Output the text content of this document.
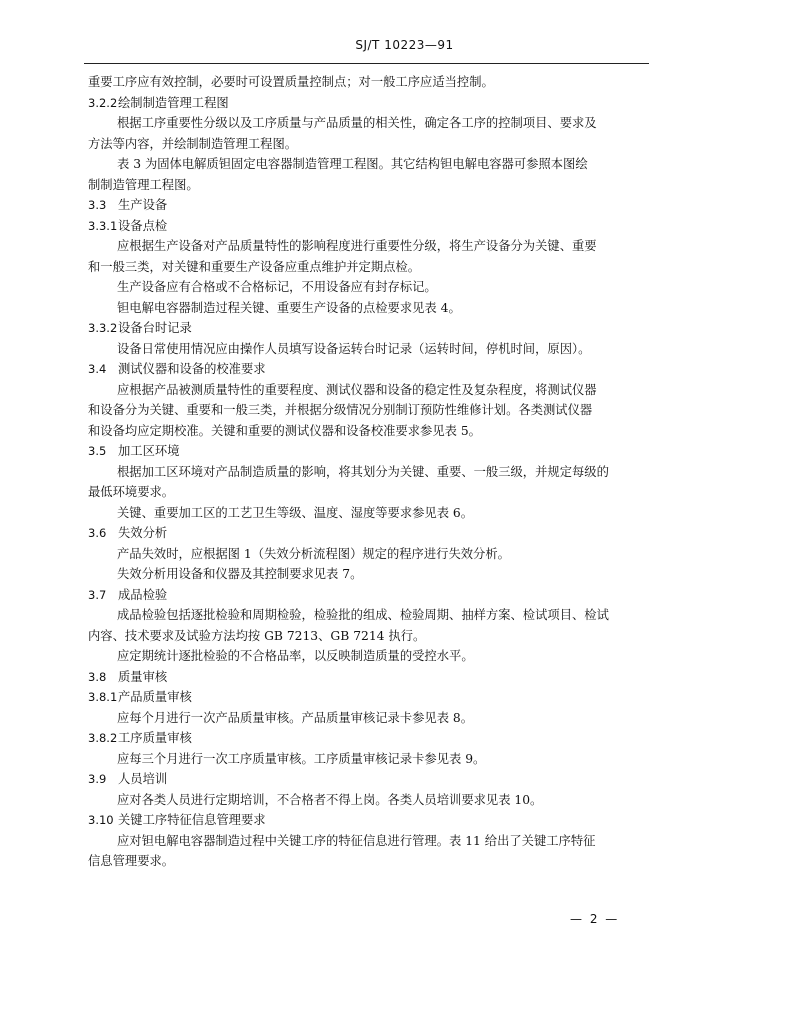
SJ/T 10223—91
重要工序应有效控制，必要时可设置质量控制点；对一般工序应适当控制。
3.2.2绘制制造管理工程图
根据工序重要性分级以及工序质量与产品质量的相关性，确定各工序的控制项目、要求及
方法等内容，并绘制制造管理工程图。
表 3 为固体电解质钽固定电容器制造管理工程图。其它结构钽电解电容器可参照本图绘
制制造管理工程图。
3.3 生产设备
3.3.1设备点检
应根据生产设备对产品质量特性的影响程度进行重要性分级，将生产设备分为关键、重要
和一般三类，对关键和重要生产设备应重点维护并定期点检。
生产设备应有合格或不合格标记，不用设备应有封存标记。
钽电解电容器制造过程关键、重要生产设备的点检要求见表 4。
3.3.2设备台时记录
设备日常使用情况应由操作人员填写设备运转台时记录（运转时间，停机时间，原因）。
3.4 测试仪器和设备的校准要求
应根据产品被测质量特性的重要程度、测试仪器和设备的稳定性及复杂程度，将测试仪器
和设备分为关键、重要和一般三类，并根据分级情况分别制订预防性维修计划。各类测试仪器
和设备均应定期校准。关键和重要的测试仪器和设备校准要求参见表 5。
3.5 加工区环境
根据加工区环境对产品制造质量的影响，将其划分为关键、重要、一般三级，并规定每级的
最低环境要求。
关键、重要加工区的工艺卫生等级、温度、湿度等要求参见表 6。
3.6 失效分析
产品失效时，应根据图 1（失效分析流程图）规定的程序进行失效分析。
失效分析用设备和仪器及其控制要求见表 7。
3.7 成品检验
成品检验包括逐批检验和周期检验，检验批的组成、检验周期、抽样方案、检试项目、检试
内容、技术要求及试验方法均按 GB 7213、GB 7214 执行。
应定期统计逐批检验的不合格品率，以反映制造质量的受控水平。
3.8 质量审核
3.8.1产品质量审核
应每个月进行一次产品质量审核。产品质量审核记录卡参见表 8。
3.8.2工序质量审核
应每三个月进行一次工序质量审核。工序质量审核记录卡参见表 9。
3.9 人员培训
应对各类人员进行定期培训，不合格者不得上岗。各类人员培训要求见表 10。
3.10 关键工序特征信息管理要求
应对钽电解电容器制造过程中关键工序的特征信息进行管理。表 11 给出了关键工序特征
信息管理要求。
— 2 —
